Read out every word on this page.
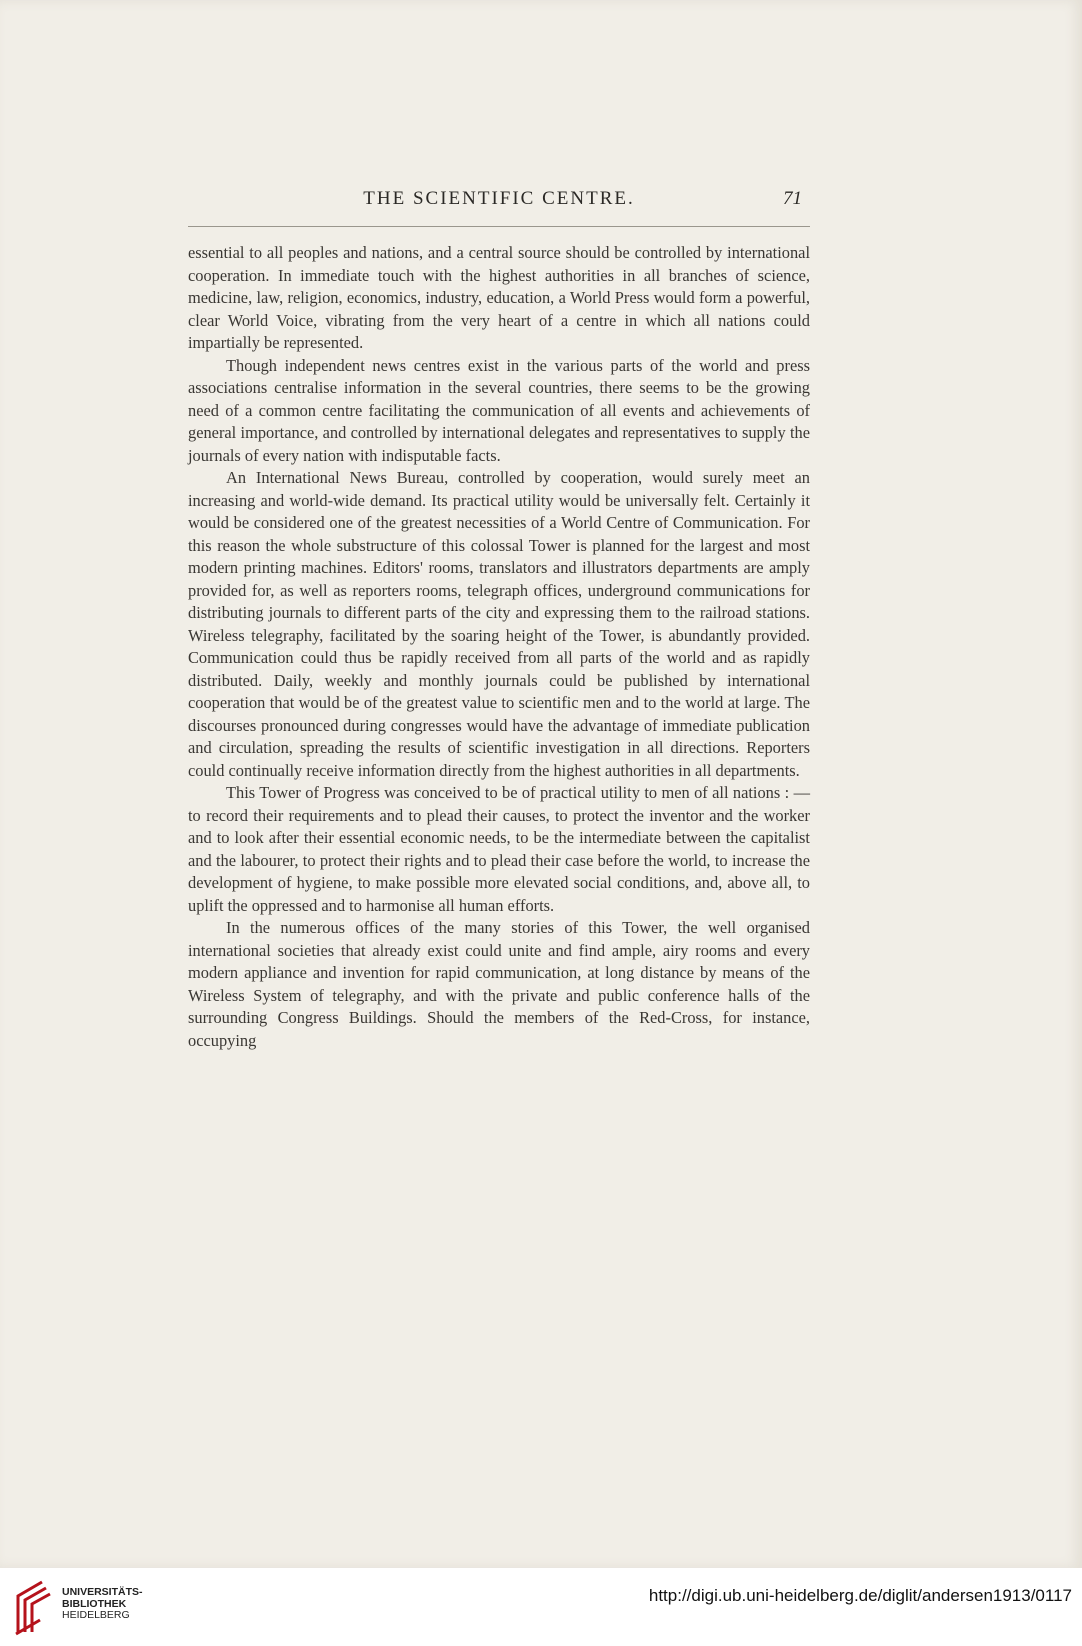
THE SCIENTIFIC CENTRE.	71

essential to all peoples and nations, and a central source should be controlled by international cooperation. In immediate touch with the highest authorities in all branches of science, medicine, law, religion, economics, industry, education, a World Press would form a powerful, clear World Voice, vibrating from the very heart of a centre in which all nations could impartially be represented.

Though independent news centres exist in the various parts of the world and press associations centralise information in the several countries, there seems to be the growing need of a common centre facilitating the communication of all events and achievements of general importance, and controlled by international delegates and representatives to supply the journals of every nation with indisputable facts.

An International News Bureau, controlled by cooperation, would surely meet an increasing and world-wide demand. Its practical utility would be universally felt. Certainly it would be considered one of the greatest necessities of a World Centre of Communication. For this reason the whole substructure of this colossal Tower is planned for the largest and most modern printing machines. Editors' rooms, translators and illustrators departments are amply provided for, as well as reporters rooms, telegraph offices, underground communications for distributing journals to different parts of the city and expressing them to the railroad stations. Wireless telegraphy, facilitated by the soaring height of the Tower, is abundantly provided. Communication could thus be rapidly received from all parts of the world and as rapidly distributed. Daily, weekly and monthly journals could be published by international cooperation that would be of the greatest value to scientific men and to the world at large. The discourses pronounced during congresses would have the advantage of immediate publication and circulation, spreading the results of scientific investigation in all directions. Reporters could continually receive information directly from the highest authorities in all departments.

This Tower of Progress was conceived to be of practical utility to men of all nations : — to record their requirements and to plead their causes, to protect the inventor and the worker and to look after their essential economic needs, to be the intermediate between the capitalist and the labourer, to protect their rights and to plead their case before the world, to increase the development of hygiene, to make possible more elevated social conditions, and, above all, to uplift the oppressed and to harmonise all human efforts.

In the numerous offices of the many stories of this Tower, the well organised international societies that already exist could unite and find ample, airy rooms and every modern appliance and invention for rapid communication, at long distance by means of the Wireless System of telegraphy, and with the private and public conference halls of the surrounding Congress Buildings. Should the members of the Red-Cross, for instance, occupying

UNIVERSITÄTS-
BIBLIOTHEK
HEIDELBERG
http://digi.ub.uni-heidelberg.de/diglit/andersen1913/0117
